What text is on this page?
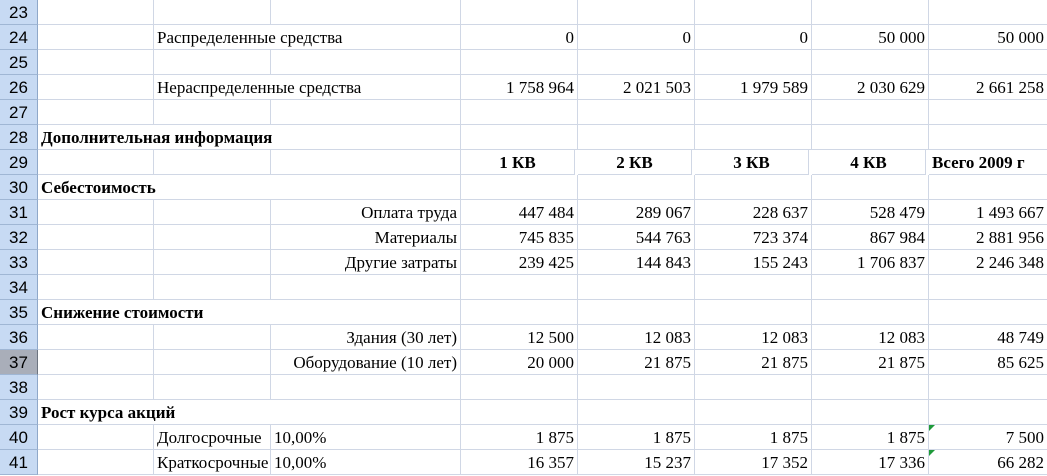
23
24	Распределенные средства	0	0	0	50 000	50 000
25
26	Нераспределенные средства	1 758 964	2 021 503	1 979 589	2 030 629	2 661 258
27
28 Дополнительная информация
29	1 КВ	2 КВ	3 КВ	4 КВ	Всего 2009 г
30 Себестоимость
31	Оплата труда	447 484	289 067	228 637	528 479	1 493 667
32	Материалы	745 835	544 763	723 374	867 984	2 881 956
33	Другие затраты	239 425	144 843	155 243	1 706 837	2 246 348
34
35 Снижение стоимости
36	Здания (30 лет)	12 500	12 083	12 083	12 083	48 749
37	Оборудование (10 лет)	20 000	21 875	21 875	21 875	85 625
38
39 Рост курса акций
40	Долгосрочные 10,00%	1 875	1 875	1 875	1 875	7 500
41	Краткосрочные 10,00%	16 357	15 237	17 352	17 336	66 282
